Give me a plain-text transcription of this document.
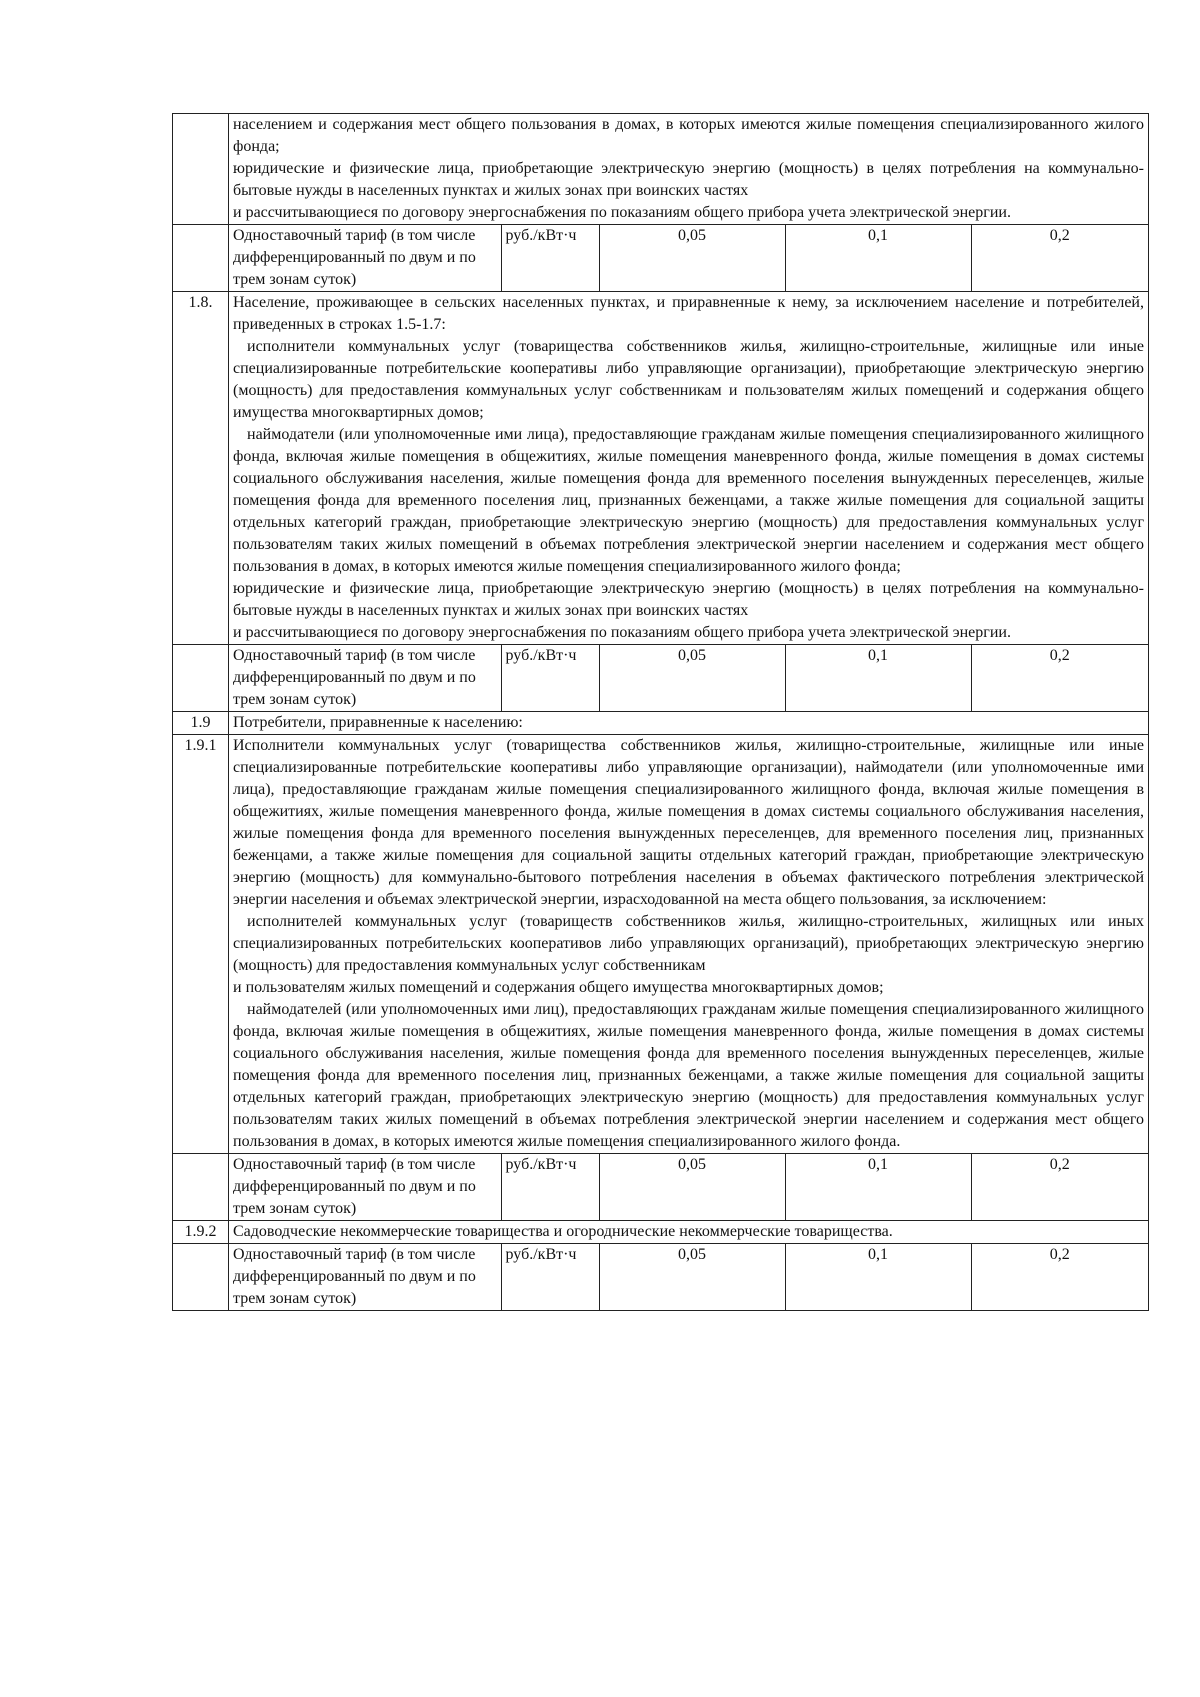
населением и содержания мест общего пользования в домах, в которых имеются жилые помещения специализированного жилого фонда;

юридические и физические лица, приобретающие электрическую энергию (мощность) в целях потребления на коммунально-бытовые нужды в населенных пунктах и жилых зонах при воинских частях

и рассчитывающиеся по договору энергоснабжения по показаниям общего прибора учета электрической энергии.

Одноставочный тариф (в том числе дифференцированный по двум и по трем зонам суток)	руб./кВт·ч	0,05	0,1	0,2

1.8.	Население, проживающее в сельских населенных пунктах, и приравненные к нему, за исключением население и потребителей, приведенных в строках 1.5-1.7:

исполнители коммунальных услуг (товарищества собственников жилья, жилищно-строительные, жилищные или иные специализированные потребительские кооперативы либо управляющие организации), приобретающие электрическую энергию (мощность) для предоставления коммунальных услуг собственникам и пользователям жилых помещений и содержания общего имущества многоквартирных домов;

наймодатели (или уполномоченные ими лица), предоставляющие гражданам жилые помещения специализированного жилищного фонда, включая жилые помещения в общежитиях, жилые помещения маневренного фонда, жилые помещения в домах системы социального обслуживания населения, жилые помещения фонда для временного поселения вынужденных переселенцев, жилые помещения фонда для временного поселения лиц, признанных беженцами, а также жилые помещения для социальной защиты отдельных категорий граждан, приобретающие электрическую энергию (мощность) для предоставления коммунальных услуг пользователям таких жилых помещений в объемах потребления электрической энергии населением и содержания мест общего пользования в домах, в которых имеются жилые помещения специализированного жилого фонда;

юридические и физические лица, приобретающие электрическую энергию (мощность) в целях потребления на коммунально-бытовые нужды в населенных пунктах и жилых зонах при воинских частях

и рассчитывающиеся по договору энергоснабжения по показаниям общего прибора учета электрической энергии.

Одноставочный тариф (в том числе дифференцированный по двум и по трем зонам суток)	руб./кВт·ч	0,05	0,1	0,2

1.9	Потребители, приравненные к населению:

1.9.1	Исполнители коммунальных услуг (товарищества собственников жилья, жилищно-строительные, жилищные или иные специализированные потребительские кооперативы либо управляющие организации), наймодатели (или уполномоченные ими лица), предоставляющие гражданам жилые помещения специализированного жилищного фонда, включая жилые помещения в общежитиях, жилые помещения маневренного фонда, жилые помещения в домах системы социального обслуживания населения, жилые помещения фонда для временного поселения вынужденных переселенцев, для временного поселения лиц, признанных беженцами, а также жилые помещения для социальной защиты отдельных категорий граждан, приобретающие электрическую энергию (мощность) для коммунально-бытового потребления населения в объемах фактического потребления электрической энергии населения и объемах электрической энергии, израсходованной на места общего пользования, за исключением:

исполнителей коммунальных услуг (товариществ собственников жилья, жилищно-строительных, жилищных или иных специализированных потребительских кооперативов либо управляющих организаций), приобретающих электрическую энергию (мощность) для предоставления коммунальных услуг собственникам

и пользователям жилых помещений и содержания общего имущества многоквартирных домов;

наймодателей (или уполномоченных ими лиц), предоставляющих гражданам жилые помещения специализированного жилищного фонда, включая жилые помещения в общежитиях, жилые помещения маневренного фонда, жилые помещения в домах системы социального обслуживания населения, жилые помещения фонда для временного поселения вынужденных переселенцев, жилые помещения фонда для временного поселения лиц, признанных беженцами, а также жилые помещения для социальной защиты отдельных категорий граждан, приобретающих электрическую энергию (мощность) для предоставления коммунальных услуг пользователям таких жилых помещений в объемах потребления электрической энергии населением и содержания мест общего пользования в домах, в которых имеются жилые помещения специализированного жилого фонда.

Одноставочный тариф (в том числе дифференцированный по двум и по трем зонам суток)	руб./кВт·ч	0,05	0,1	0,2

1.9.2	Садоводческие некоммерческие товарищества и огороднические некоммерческие товарищества.

Одноставочный тариф (в том числе дифференцированный по двум и по трем зонам суток)	руб./кВт·ч	0,05	0,1	0,2
